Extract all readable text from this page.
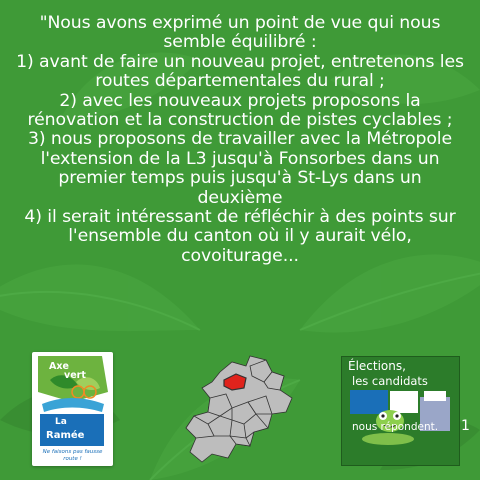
"Nous avons exprimé un point de vue qui nous semble équilibré :
1) avant de faire un nouveau projet, entretenons les routes départementales du rural ;
2) avec les nouveaux projets proposons la rénovation et la construction de pistes cyclables ;
3) nous proposons de travailler avec la Métropole l'extension de la L3 jusqu'à Fonsorbes dans un premier temps puis jusqu'à St-Lys dans un deuxième
4) il serait intéressant de réfléchir à des points sur l'ensemble du canton où il y aurait vélo, covoiturage...
Axe
vert
La
Ramée
Ne faisons pas fausse route !
Élections,
les candidats
nous répondent. 1
